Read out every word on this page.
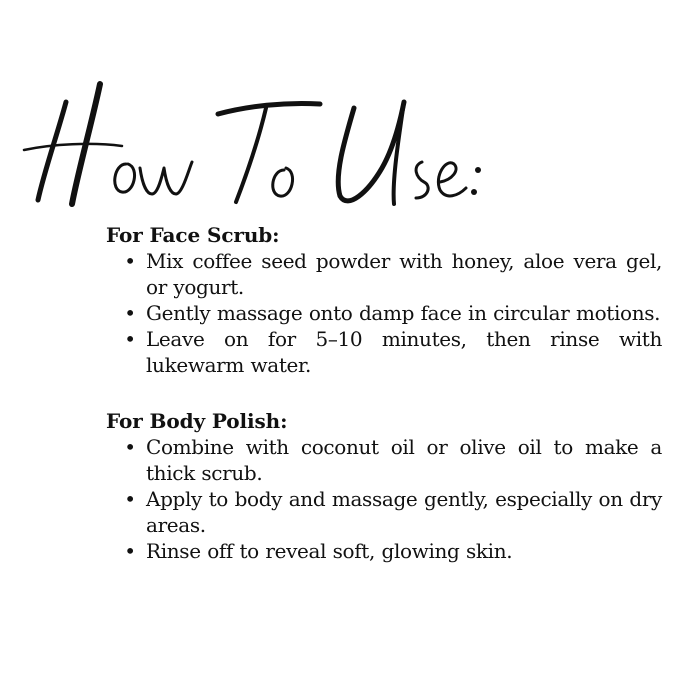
For Face Scrub:

• Mix coffee seed powder with honey, aloe vera gel, or yogurt.
• Gently massage onto damp face in circular motions.
• Leave on for 5–10 minutes, then rinse with lukewarm water.

For Body Polish:

• Combine with coconut oil or olive oil to make a thick scrub.
• Apply to body and massage gently, especially on dry areas.
• Rinse off to reveal soft, glowing skin.
